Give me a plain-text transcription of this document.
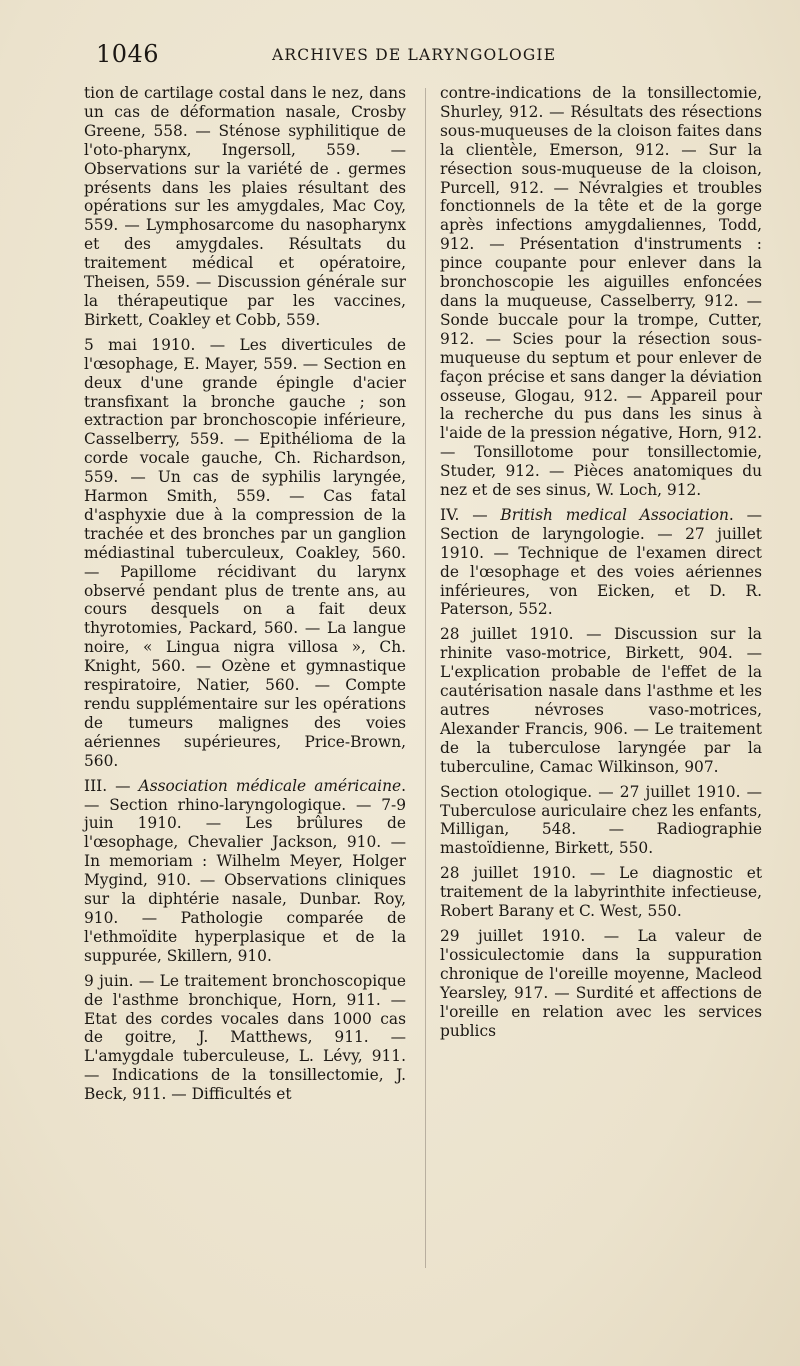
1046	ARCHIVES DE LARYNGOLOGIE

tion de cartilage costal dans le nez, dans un cas de déformation nasale, Crosby Greene, 558. — Sténose syphilitique de l'oto-pharynx, Ingersoll, 559. — Observations sur la variété de . germes présents dans les plaies résultant des opérations sur les amygdales, Mac Coy, 559. — Lymphosarcome du nasopharynx et des amygdales. Résultats du traitement médical et opératoire, Theisen, 559. — Discussion générale sur la thérapeutique par les vaccines, Birkett, Coakley et Cobb, 559.

5 mai 1910. — Les diverticules de l'œsophage, E. Mayer, 559. — Section en deux d'une grande épingle d'acier transfixant la bronche gauche ; son extraction par bronchoscopie inférieure, Casselberry, 559. — Epithélioma de la corde vocale gauche, Ch. Richardson, 559. — Un cas de syphilis laryngée, Harmon Smith, 559. — Cas fatal d'asphyxie due à la compression de la trachée et des bronches par un ganglion médiastinal tuberculeux, Coakley, 560. — Papillome récidivant du larynx observé pendant plus de trente ans, au cours desquels on a fait deux thyrotomies, Packard, 560. — La langue noire, « Lingua nigra villosa », Ch. Knight, 560. — Ozène et gymnastique respiratoire, Natier, 560. — Compte rendu supplémentaire sur les opérations de tumeurs malignes des voies aériennes supérieures, Price-Brown, 560.

III. — Association médicale américaine. — Section rhino-laryngologique. — 7-9 juin 1910. — Les brûlures de l'œsophage, Chevalier Jackson, 910. — In memoriam : Wilhelm Meyer, Holger Mygind, 910. — Observations cliniques sur la diphtérie nasale, Dunbar. Roy, 910. — Pathologie comparée de l'ethmoïdite hyperplasique et de la suppurée, Skillern, 910.

9 juin. — Le traitement bronchoscopique de l'asthme bronchique, Horn, 911. — Etat des cordes vocales dans 1000 cas de goitre, J. Matthews, 911. — L'amygdale tuberculeuse, L. Lévy, 911. — Indications de la tonsillectomie, J. Beck, 911. — Difficultés et

contre-indications de la tonsillectomie, Shurley, 912. — Résultats des résections sous-muqueuses de la cloison faites dans la clientèle, Emerson, 912. — Sur la résection sous-muqueuse de la cloison, Purcell, 912. — Névralgies et troubles fonctionnels de la tête et de la gorge après infections amygdaliennes, Todd, 912. — Présentation d'instruments : pince coupante pour enlever dans la bronchoscopie les aiguilles enfoncées dans la muqueuse, Casselberry, 912. — Sonde buccale pour la trompe, Cutter, 912. — Scies pour la résection sous-muqueuse du septum et pour enlever de façon précise et sans danger la déviation osseuse, Glogau, 912. — Appareil pour la recherche du pus dans les sinus à l'aide de la pression négative, Horn, 912. — Tonsillotome pour tonsillectomie, Studer, 912. — Pièces anatomiques du nez et de ses sinus, W. Loch, 912.

IV. — British medical Association. — Section de laryngologie. — 27 juillet 1910. — Technique de l'examen direct de l'œsophage et des voies aériennes inférieures, von Eicken, et D. R. Paterson, 552.

28 juillet 1910. — Discussion sur la rhinite vaso-motrice, Birkett, 904. — L'explication probable de l'effet de la cautérisation nasale dans l'asthme et les autres névroses vaso-motrices, Alexander Francis, 906. — Le traitement de la tuberculose laryngée par la tuberculine, Camac Wilkinson, 907.

Section otologique. — 27 juillet 1910. — Tuberculose auriculaire chez les enfants, Milligan, 548. — Radiographie mastoïdienne, Birkett, 550.

28 juillet 1910. — Le diagnostic et traitement de la labyrinthite infectieuse, Robert Barany et C. West, 550.

29 juillet 1910. — La valeur de l'ossiculectomie dans la suppuration chronique de l'oreille moyenne, Macleod Yearsley, 917. — Surdité et affections de l'oreille en relation avec les services publics
